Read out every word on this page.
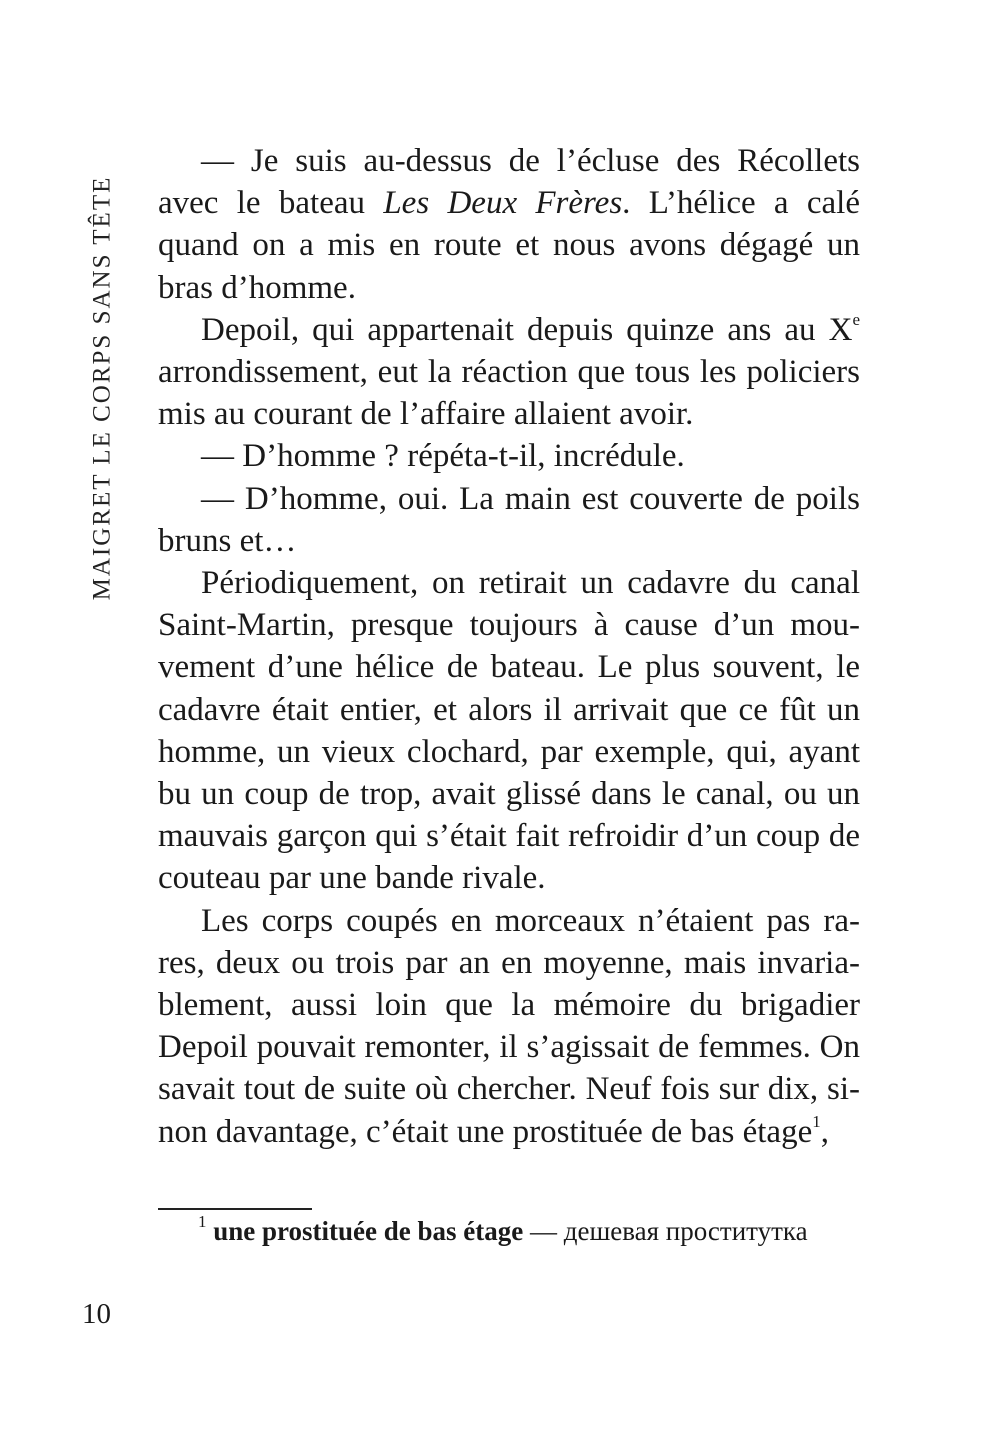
MAIGRET LE CORPS SANS TÊTE

— Je suis au-dessus de l’écluse des Récollets avec le bateau Les Deux Frères. L’hélice a calé quand on a mis en route et nous avons dégagé un bras d’homme.

Depoil, qui appartenait depuis quinze ans au Xe arrondissement, eut la réaction que tous les policiers mis au courant de l’affaire allaient avoir.

— D’homme ? répéta-t-il, incrédule.

— D’homme, oui. La main est couverte de poils bruns et…

Périodiquement, on retirait un cadavre du canal Saint-Martin, presque toujours à cause d’un mouvement d’une hélice de bateau. Le plus souvent, le cadavre était entier, et alors il arrivait que ce fût un homme, un vieux clochard, par exemple, qui, ayant bu un coup de trop, avait glissé dans le canal, ou un mauvais garçon qui s’était fait refroidir d’un coup de couteau par une bande rivale.

Les corps coupés en morceaux n’étaient pas rares, deux ou trois par an en moyenne, mais invariablement, aussi loin que la mémoire du brigadier Depoil pouvait remonter, il s’agissait de femmes. On savait tout de suite où chercher. Neuf fois sur dix, sinon davantage, c’était une prostituée de bas étage$^1$,

$^1$ une prostituée de bas étage — дешевая проститутка
10
